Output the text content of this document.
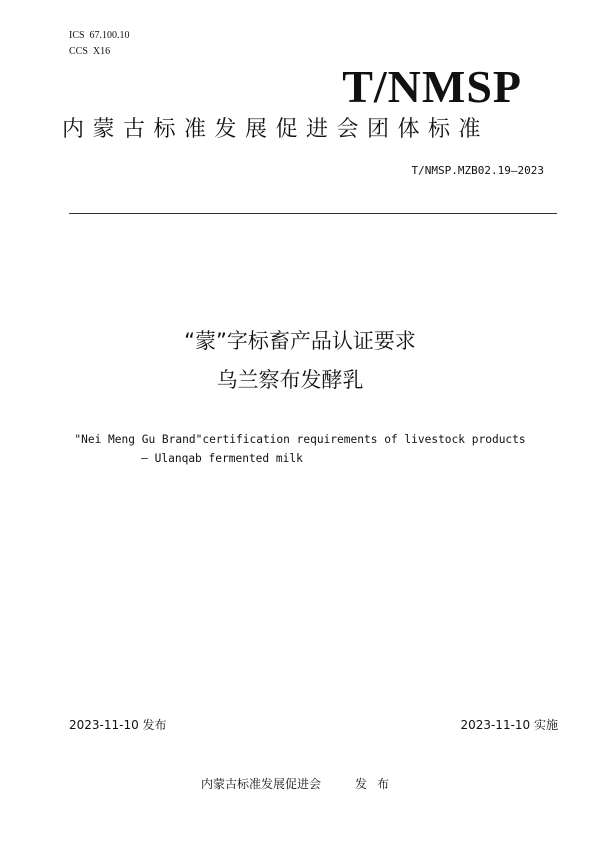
ICS  67.100.10
CCS  X16
T/NMSP
内蒙古标准发展促进会团体标准
T/NMSP.MZB02.19—2023
“蒙”字标畜产品认证要求
乌兰察布发酵乳
"Nei Meng Gu Brand"certification requirements of livestock products
— Ulanqab fermented milk
2023-11-10 发布	2023-11-10 实施
内蒙古标准发展促进会	发布
